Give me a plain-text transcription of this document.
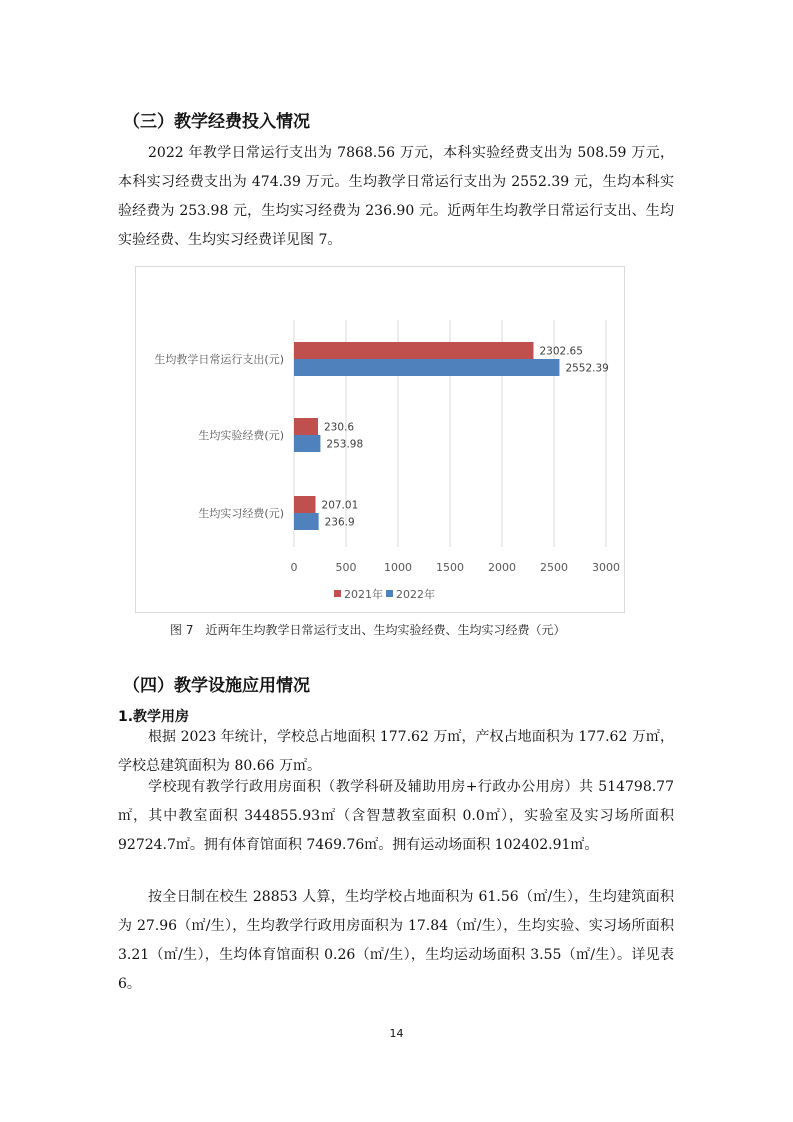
（三）教学经费投入情况
2022 年教学日常运行支出为 7868.56 万元，本科实验经费支出为 508.59 万元，本科实习经费支出为 474.39 万元。生均教学日常运行支出为 2552.39 元，生均本科实验经费为 253.98 元，生均实习经费为 236.90 元。近两年生均教学日常运行支出、生均实验经费、生均实习经费详见图 7。
0	500	1000 1500 2000 2500 3000
生均教学日常运行支出(元)
2302.65
2552.39
生均实验经费(元)
230.6
253.98
生均实习经费(元)
207.01
236.9
2021年 2022年
图 7　近两年生均教学日常运行支出、生均实验经费、生均实习经费（元）
（四）教学设施应用情况
1.教学用房
根据 2023 年统计，学校总占地面积 177.62 万㎡，产权占地面积为 177.62 万㎡，学校总建筑面积为 80.66 万㎡。
学校现有教学行政用房面积（教学科研及辅助用房+行政办公用房）共 514798.77㎡，其中教室面积 344855.93㎡（含智慧教室面积 0.0㎡），实验室及实习场所面积 92724.7㎡。拥有体育馆面积 7469.76㎡。拥有运动场面积 102402.91㎡。
按全日制在校生 28853 人算，生均学校占地面积为 61.56（㎡/生），生均建筑面积为 27.96（㎡/生），生均教学行政用房面积为 17.84（㎡/生），生均实验、实习场所面积 3.21（㎡/生），生均体育馆面积 0.26（㎡/生），生均运动场面积 3.55（㎡/生）。详见表 6。
14
